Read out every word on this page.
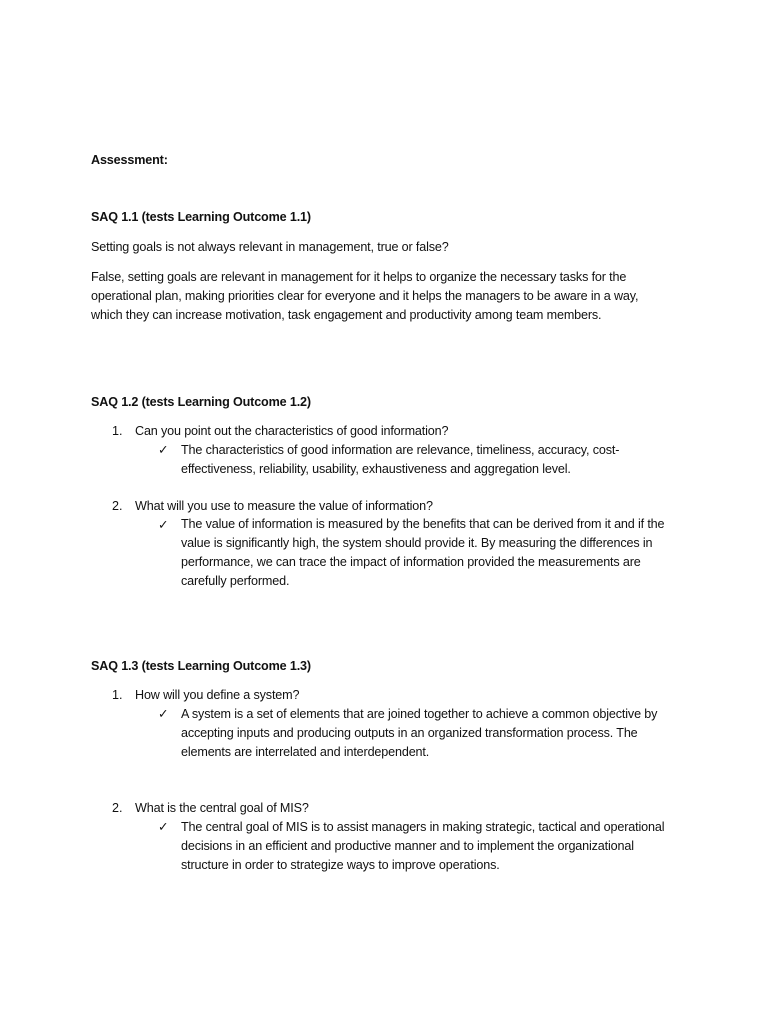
Assessment:
SAQ 1.1 (tests Learning Outcome 1.1)
Setting goals is not always relevant in management, true or false?
False, setting goals are relevant in management for it helps to organize the necessary tasks for the operational plan, making priorities clear for everyone and it helps the managers to be aware in a way, which they can increase motivation, task engagement and productivity among team members.
SAQ 1.2 (tests Learning Outcome 1.2)
1. Can you point out the characteristics of good information?
✓ The characteristics of good information are relevance, timeliness, accuracy, cost-effectiveness, reliability, usability, exhaustiveness and aggregation level.
2. What will you use to measure the value of information?
✓ The value of information is measured by the benefits that can be derived from it and if the value is significantly high, the system should provide it. By measuring the differences in performance, we can trace the impact of information provided the measurements are carefully performed.
SAQ 1.3 (tests Learning Outcome 1.3)
1. How will you define a system?
✓ A system is a set of elements that are joined together to achieve a common objective by accepting inputs and producing outputs in an organized transformation process. The elements are interrelated and interdependent.
2. What is the central goal of MIS?
✓ The central goal of MIS is to assist managers in making strategic, tactical and operational decisions in an efficient and productive manner and to implement the organizational structure in order to strategize ways to improve operations.
